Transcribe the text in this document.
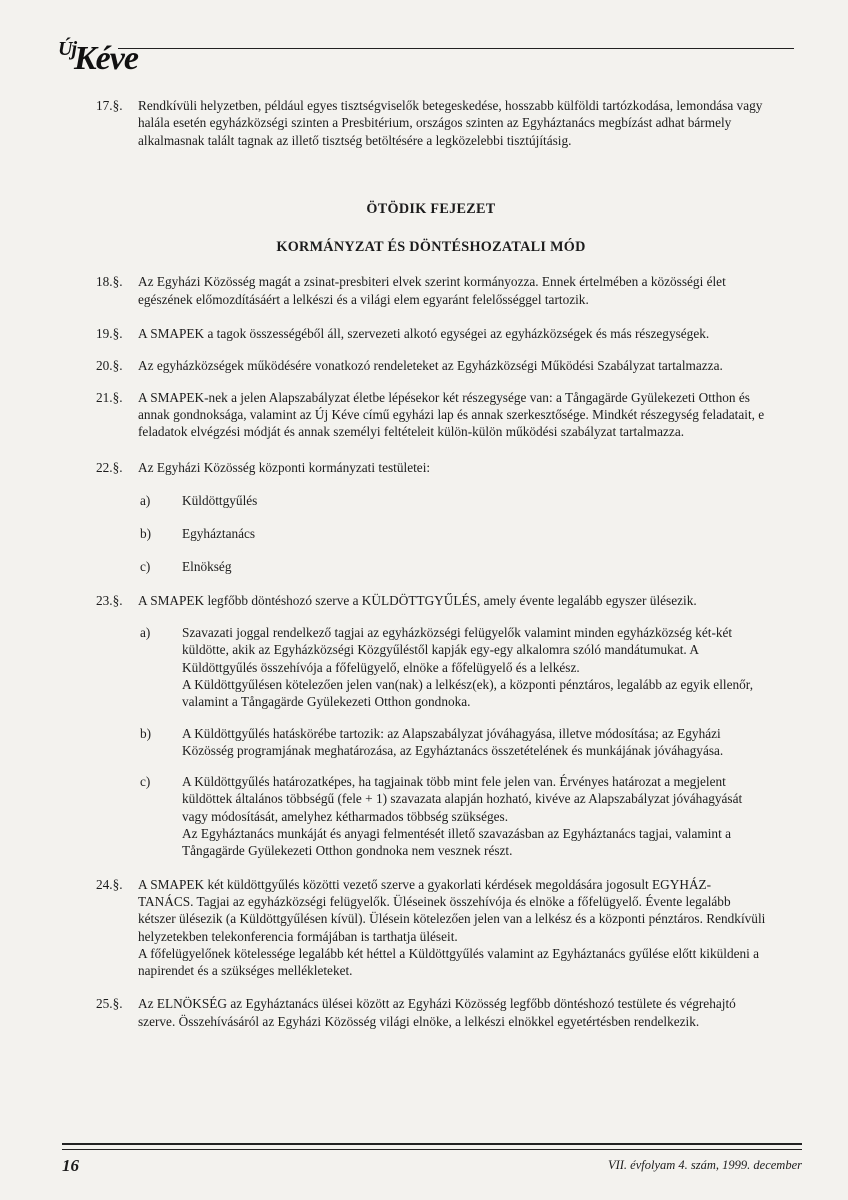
$^{Új}$Kéve
17.§. Rendkívüli helyzetben, például egyes tisztségviselők betegeskedése, hosszabb külföldi tartózkodása, lemondása vagy halála esetén egyházközségi szinten a Presbitérium, országos szinten az Egyháztanács megbízást adhat bármely alkalmasnak talált tagnak az illető tisztség betöltésére a legközelebbi tisztújításig.
ÖTÖDIK FEJEZET
KORMÁNYZAT ÉS DÖNTÉSHOZATALI MÓD
18.§. Az Egyházi Közösség magát a zsinat-presbiteri elvek szerint kormányozza. Ennek értelmében a közösségi élet egészének előmozdításáért a lelkészi és a világi elem egyaránt felelősséggel tartozik.
19.§. A SMAPEK a tagok összességéből áll, szervezeti alkotó egységei az egyházközségek és más részegységek.
20.§. Az egyházközségek működésére vonatkozó rendeleteket az Egyházközségi Működési Szabályzat tartalmazza.
21.§. A SMAPEK-nek a jelen Alapszabályzat életbe lépésekor két részegysége van: a Tångagärde Gyülekezeti Otthon és annak gondnoksága, valamint az Új Kéve című egyházi lap és annak szerkesztősége. Mindkét részegység feladatait, e feladatok elvégzési módját és annak személyi feltételeit külön-külön működési szabályzat tartalmazza.
22.§. Az Egyházi Közösség központi kormányzati testületei:
a) Küldöttgyűlés
b) Egyháztanács
c) Elnökség
23.§. A SMAPEK legfőbb döntéshozó szerve a KÜLDÖTTGYŰLÉS, amely évente legalább egyszer ülésezik.
a) Szavazati joggal rendelkező tagjai az egyházközségi felügyelők valamint minden egyházközség két-két küldötte, akik az Egyházközségi Közgyűléstől kapják egy-egy alkalomra szóló mandátumukat. A Küldöttgyűlés összehívója a főfelügyelő, elnöke a főfelügyelő és a lelkész.
A Küldöttgyűlésen kötelezően jelen van(nak) a lelkész(ek), a központi pénztáros, legalább az egyik ellenőr, valamint a Tångagärde Gyülekezeti Otthon gondnoka.
b) A Küldöttgyűlés hatáskörébe tartozik: az Alapszabályzat jóváhagyása, illetve módosítása; az Egyházi Közösség programjának meghatározása, az Egyháztanács összetételének és munkájának jóváhagyása.
c) A Küldöttgyűlés határozatképes, ha tagjainak több mint fele jelen van. Érvényes határozat a megjelent küldöttek általános többségű (fele + 1) szavazata alapján hozható, kivéve az Alapszabályzat jóváhagyását vagy módosítását, amelyhez kétharmados többség szükséges.
Az Egyháztanács munkáját és anyagi felmentését illető szavazásban az Egyháztanács tagjai, valamint a Tångagärde Gyülekezeti Otthon gondnoka nem vesznek részt.
24.§. A SMAPEK két küldöttgyűlés közötti vezető szerve a gyakorlati kérdések megoldására jogosult EGYHÁZ-TANÁCS. Tagjai az egyházközségi felügyelők. Üléseinek összehívója és elnöke a főfelügyelő. Évente legalább kétszer ülésezik (a Küldöttgyűlésen kívül). Ülésein kötelezően jelen van a lelkész és a központi pénztáros. Rendkívüli helyzetekben telekonferencia formájában is tarthatja üléseit.
A főfelügyelőnek kötelessége legalább két héttel a Küldöttgyűlés valamint az Egyháztanács gyűlése előtt kiküldeni a napirendet és a szükséges mellékleteket.
25.§. Az ELNÖKSÉG az Egyháztanács ülései között az Egyházi Közösség legfőbb döntéshozó testülete és végrehajtó szerve. Összehívásáról az Egyházi Közösség világi elnöke, a lelkészi elnökkel egyetértésben rendelkezik.
16	VII. évfolyam 4. szám, 1999. december
